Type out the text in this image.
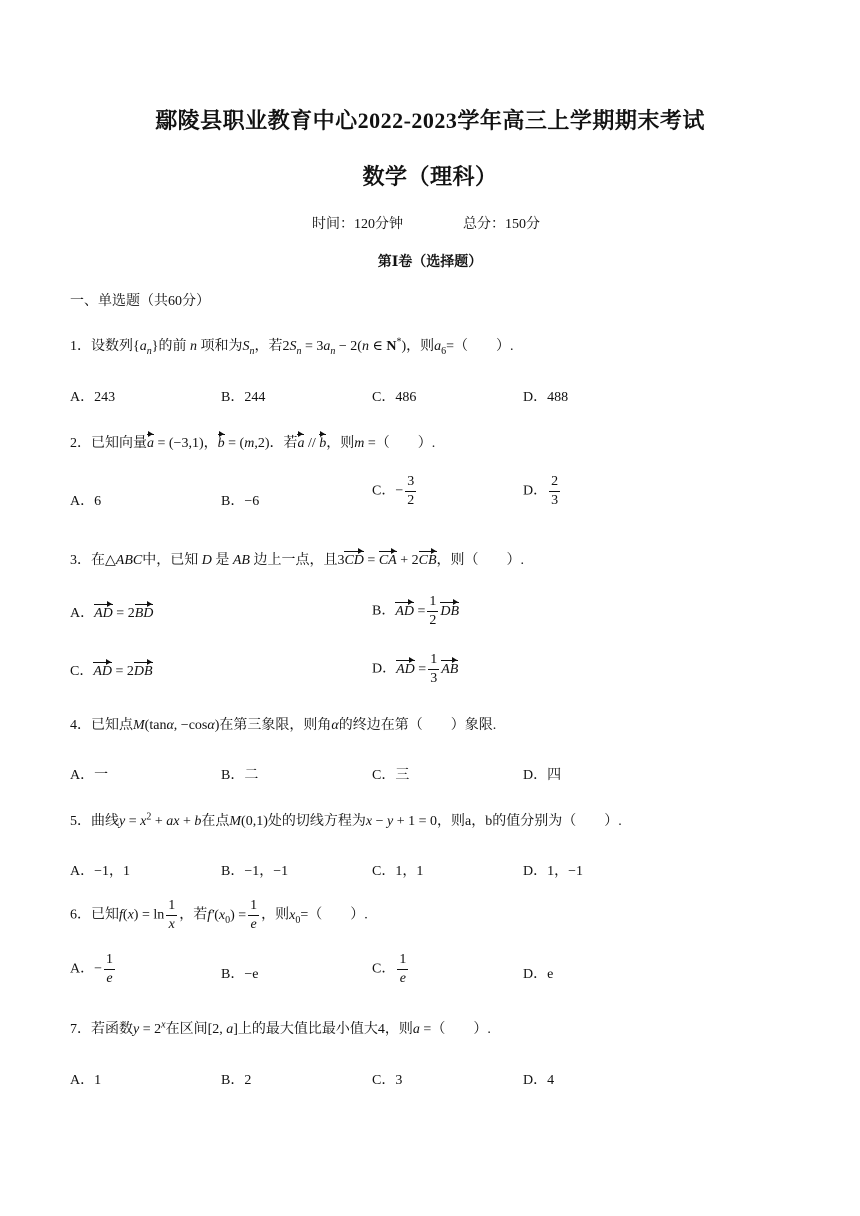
鄢陵县职业教育中心2022-2023学年高三上学期期末考试
数学（理科）
时间：120分钟	总分：150分
第Ⅰ卷（选择题）
一、单选题（共60分）
1．设数列$\{a_n\}$的前 n 项和为$S_n$，若$2S_n = 3a_n - 2(n$ ∈ N*)，则$a_6=$（　　）.
A．243	B．244	C．486	D．488
2．已知向量a = (−3,1)，b = (m,2)．若a // b，则m =（　　）.
A．6	B．−6
C．− $\frac{3}{2}$	D． $\frac{2}{3}$
3．在△ABC中，已知 D 是 AB 边上一点，且3CD = CA + 2CB，则（　　）.
A．AD = 2BD	B．AD = $\frac{1}{2}$ DB
C．AD = 2DB	D．AD = $\frac{1}{3}$ AB
4．已知点M(tanα, −cosα)在第三象限，则角α的终边在第（　　）象限.
A．一	B．二	C．三	D．四
5．曲线$y = x^2$ + ax + b在点M(0,1)处的切线方程为x − y + 1 = 0，则a，b的值分别为（　　）.
A．−1，1	B．−1，−1	C．1，1	D．1，−1
6．已知$f(x) = \ln \frac{1}{x}$ ，若$f'(x_0) = \frac{1}{e}$ ，则$x_0=$（　　）.
A．− $\frac{1}{e}$	B．−e	C． $\frac{1}{e}$	D．e
7．若函数$y = 2^x$在区间[2, a]上的最大值比最小值大4，则a =（　　）.
A．1	B．2	C．3	D．4
